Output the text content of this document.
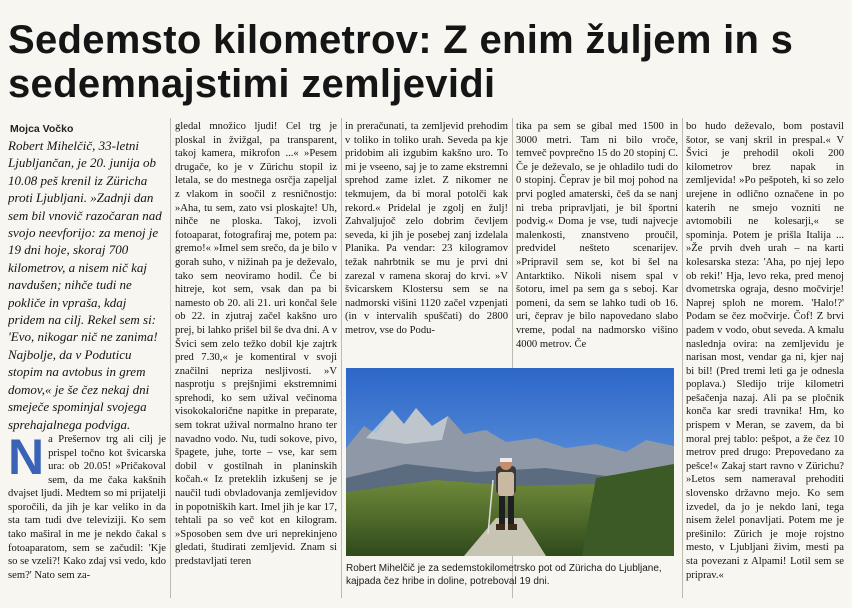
Sedemsto kilometrov: Z enim žuljem in s sedemnajstimi zemljevidi
Mojca Vočko

Robert Mihelčič, 33-letni Ljubljančan, je 20. junija ob 10.08 peš krenil iz Züricha proti Ljubljani. »Zadnji dan sem bil vnovič razočaran nad svojo neevforijo: za menoj je 19 dni hoje, skoraj 700 kilometrov, a nisem nič kaj navdušen; nihče tudi ne pokliče in vpraša, kdaj pridem na cilj. Rekel sem si: 'Evo, nikogar nič ne zanima! Najbolje, da v Poduticu stopim na avtobus in grem domov,« je še čez nekaj dni smeječe spominjal svojega sprehajalnega podviga.

N a Prešernov trg ali cilj je prispel točno kot švicarska ura: ob 20.05! »Pričakoval sem, da me čaka kakšnih dvajset ljudi. Medtem so mi prijatelji sporočili, da jih je kar veliko in da sta tam tudi dve televiziji. Ko sem tako maširal in me je nekdo čakal s fotoaparatom, sem se začudil: 'Kje so se vzeli?! Kako zdaj vsi vedo, kdo sem?' Nato sem za-

gledal množico ljudi! Cel trg je ploskal in žvižgal, pa transparent, takoj kamera, mikrofon ...« »Pesem drugače, ko je v Zürichu stopil iz letala, se do mestnega osrčja zapeljal z vlakom in soočil z resničnostjo: »Aha, tu sem, zato vsi ploskajte! Uh, nihče ne ploska. Takoj, izvoli fotoaparat, fotografiraj me, potem pa: gremo!« »Imel sem srečo, da je bilo v gorah suho, v nižinah pa je deževalo, tako sem neoviramo hodil. Če bi hitreje, kot sem, vsak dan pa bi namesto ob 20. ali 21. uri končal šele ob 22. in zjutraj začel kakšno uro prej, bi lahko prišel bil še dva dni. A v Švici sem zelo težko dobil kje zajtrk pred 7.30,« je komentiral v svoji značilni nepriza nesljivosti. »V nasprotju s prejšnjimi ekstremnimi sprehodi, ko sem užival večinoma visokokalorične napitke in preparate, sem tokrat užival normalno hrano ter navadno vodo. Nu, tudi sokove, pivo, špagete, juhe, torte – vse, kar sem dobil v gostilnah in planinskih kočah.« Iz preteklih izkušenj se je naučil tudi obvladovanja zemljevidov in popotniških kart. Imel jih je kar 17, tehtali pa so več kot en kilogram. »Sposoben sem dve uri neprekinjeno gledati, študirati zemljevid. Znam si predstavljati teren

in preračunati, ta zemljevid prehodim v toliko in toliko urah. Seveda pa kje pridobim ali izgubim kakšno uro. To mi je vseeno, saj je to zame ekstremni sprehod zame izlet. Z nikomer ne tekmujem, da bi moral potolči kak rekord.« Pridelal je zgolj en žulj! Zahvaljujoč zelo dobrim čevljem seveda, ki jih je posebej zanj izdelala Planika. Pa vendar: 23 kilogramov težak nahrbtnik se mu je prvi dni zarezal v ramena skoraj do krvi. »V švicarskem Klostersu sem se na nadmorski višini 1120 začel vzpenjati (in v intervalih spuščati) do 2800 metrov, vse do Podu-

tika pa sem se gibal med 1500 in 3000 metri. Tam ni bilo vroče, temveč povprečno 15 do 20 stopinj C. Če je deževalo, se je ohladilo tudi do 0 stopinj. Čeprav je bil moj pohod na prvi pogled amaterski, češ da se nanj ni treba pripravljati, je bil športni podvig.« Doma je vse, tudi najvecje malenkosti, znanstveno proučil, predvidel nešteto scenarijev. »Pripravil sem se, kot bi šel na Antarktiko. Nikoli nisem spal v šotoru, imel pa sem ga s seboj. Kar pomeni, da sem se lahko tudi ob 16. uri, čeprav je bilo napovedano slabo vreme, podal na nadmorsko višino 4000 metrov. Če

bo hudo deževalo, bom postavil šotor, se vanj skril in prespal.« V Švici je prehodil okoli 200 kilometrov brez napak in zemljevida! »Po pešpoteh, ki so zelo urejene in odlično označene in po katerih ne smejo vozniti ne avtomobili ne kolesarji,« se spominja. Potem je prišla Italija ... »Že prvih dveh urah – na karti kolesarska steza: 'Aha, po njej lepo ob reki!' Hja, levo reka, pred menoj dvometrska ograja, desno močvirje! Naprej sploh ne morem. 'Halo!?' Podam se čez močvirje. Čof! Z brvi padem v vodo, obut seveda. A kmalu naslednja ovira: na zemljevidu je narisan most, vendar ga ni, kjer naj bi bil! (Pred tremi leti ga je odnesla poplava.) Sledijo trije kilometri pešačenja nazaj. Ali pa se pločnik konča kar sredi travnika! Hm, ko prispem v Meran, se zavem, da bi moral prej tablo: pešpot, a že čez 10 metrov pred drugo: Prepovedano za pešce!« Zakaj start ravno v Zürichu? »Letos sem nameraval prehoditi slovensko državno mejo. Ko sem izvedel, da jo je nekdo lani, tega nisem želel ponavljati. Potem me je prešinilo: Zürich je moje rojstno mesto, v Ljubljani živim, mesti pa sta povezani z Alpami! Lotil sem se priprav.«

Robert Mihelčič je za sedemstokilometrsko pot od Züricha do Ljubljane, kajpada čez hribe in doline, potreboval 19 dni.
